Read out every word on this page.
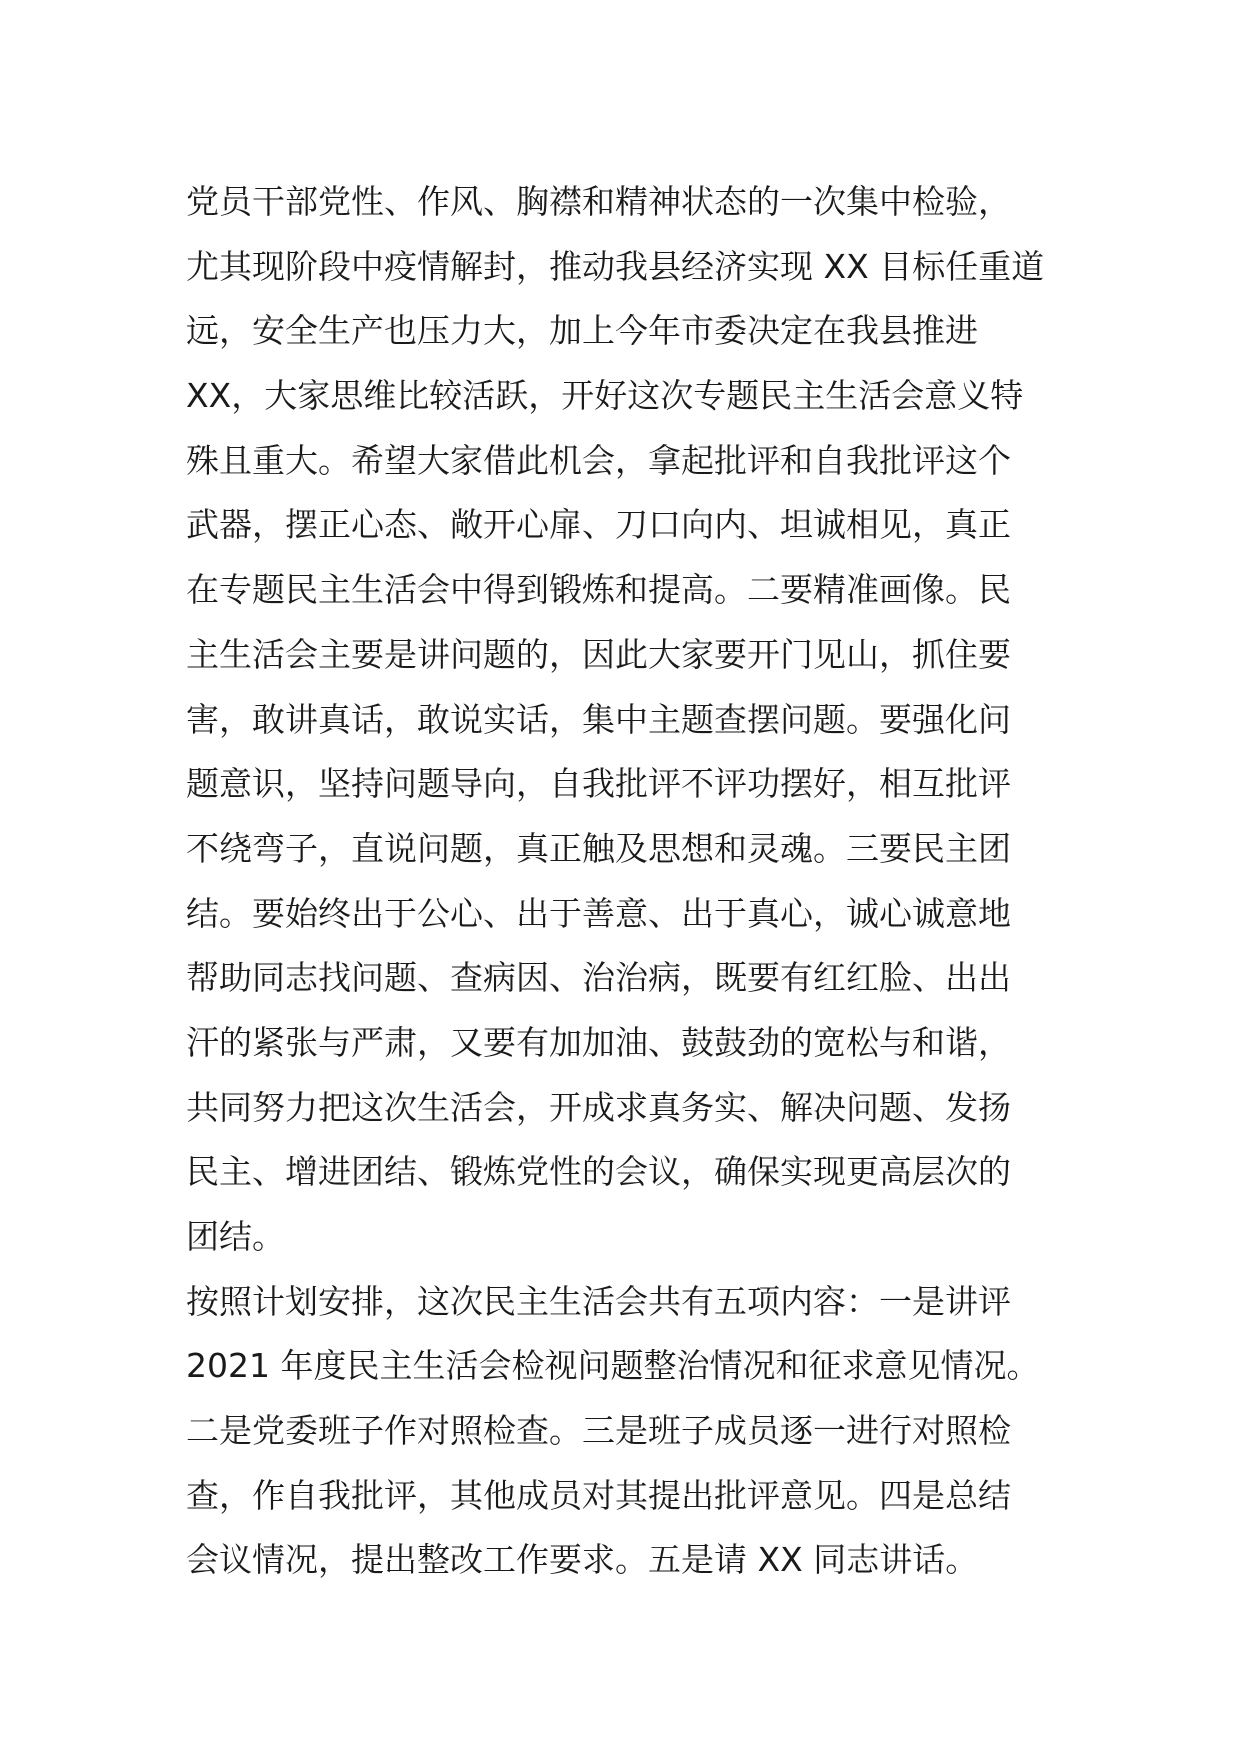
党员干部党性、作风、胸襟和精神状态的一次集中检验，
尤其现阶段中疫情解封，推动我县经济实现 XX 目标任重道
远，安全生产也压力大，加上今年市委决定在我县推进
XX，大家思维比较活跃，开好这次专题民主生活会意义特
殊且重大。希望大家借此机会，拿起批评和自我批评这个
武器，摆正心态、敞开心扉、刀口向内、坦诚相见，真正
在专题民主生活会中得到锻炼和提高。二要精准画像。民
主生活会主要是讲问题的，因此大家要开门见山，抓住要
害，敢讲真话，敢说实话，集中主题查摆问题。要强化问
题意识，坚持问题导向，自我批评不评功摆好，相互批评
不绕弯子，直说问题，真正触及思想和灵魂。三要民主团
结。要始终出于公心、出于善意、出于真心，诚心诚意地
帮助同志找问题、查病因、治治病，既要有红红脸、出出
汗的紧张与严肃，又要有加加油、鼓鼓劲的宽松与和谐，
共同努力把这次生活会，开成求真务实、解决问题、发扬
民主、增进团结、锻炼党性的会议，确保实现更高层次的
团结。
按照计划安排，这次民主生活会共有五项内容：一是讲评
2021 年度民主生活会检视问题整治情况和征求意见情况。
二是党委班子作对照检查。三是班子成员逐一进行对照检
查，作自我批评，其他成员对其提出批评意见。四是总结
会议情况，提出整改工作要求。五是请 XX 同志讲话。
